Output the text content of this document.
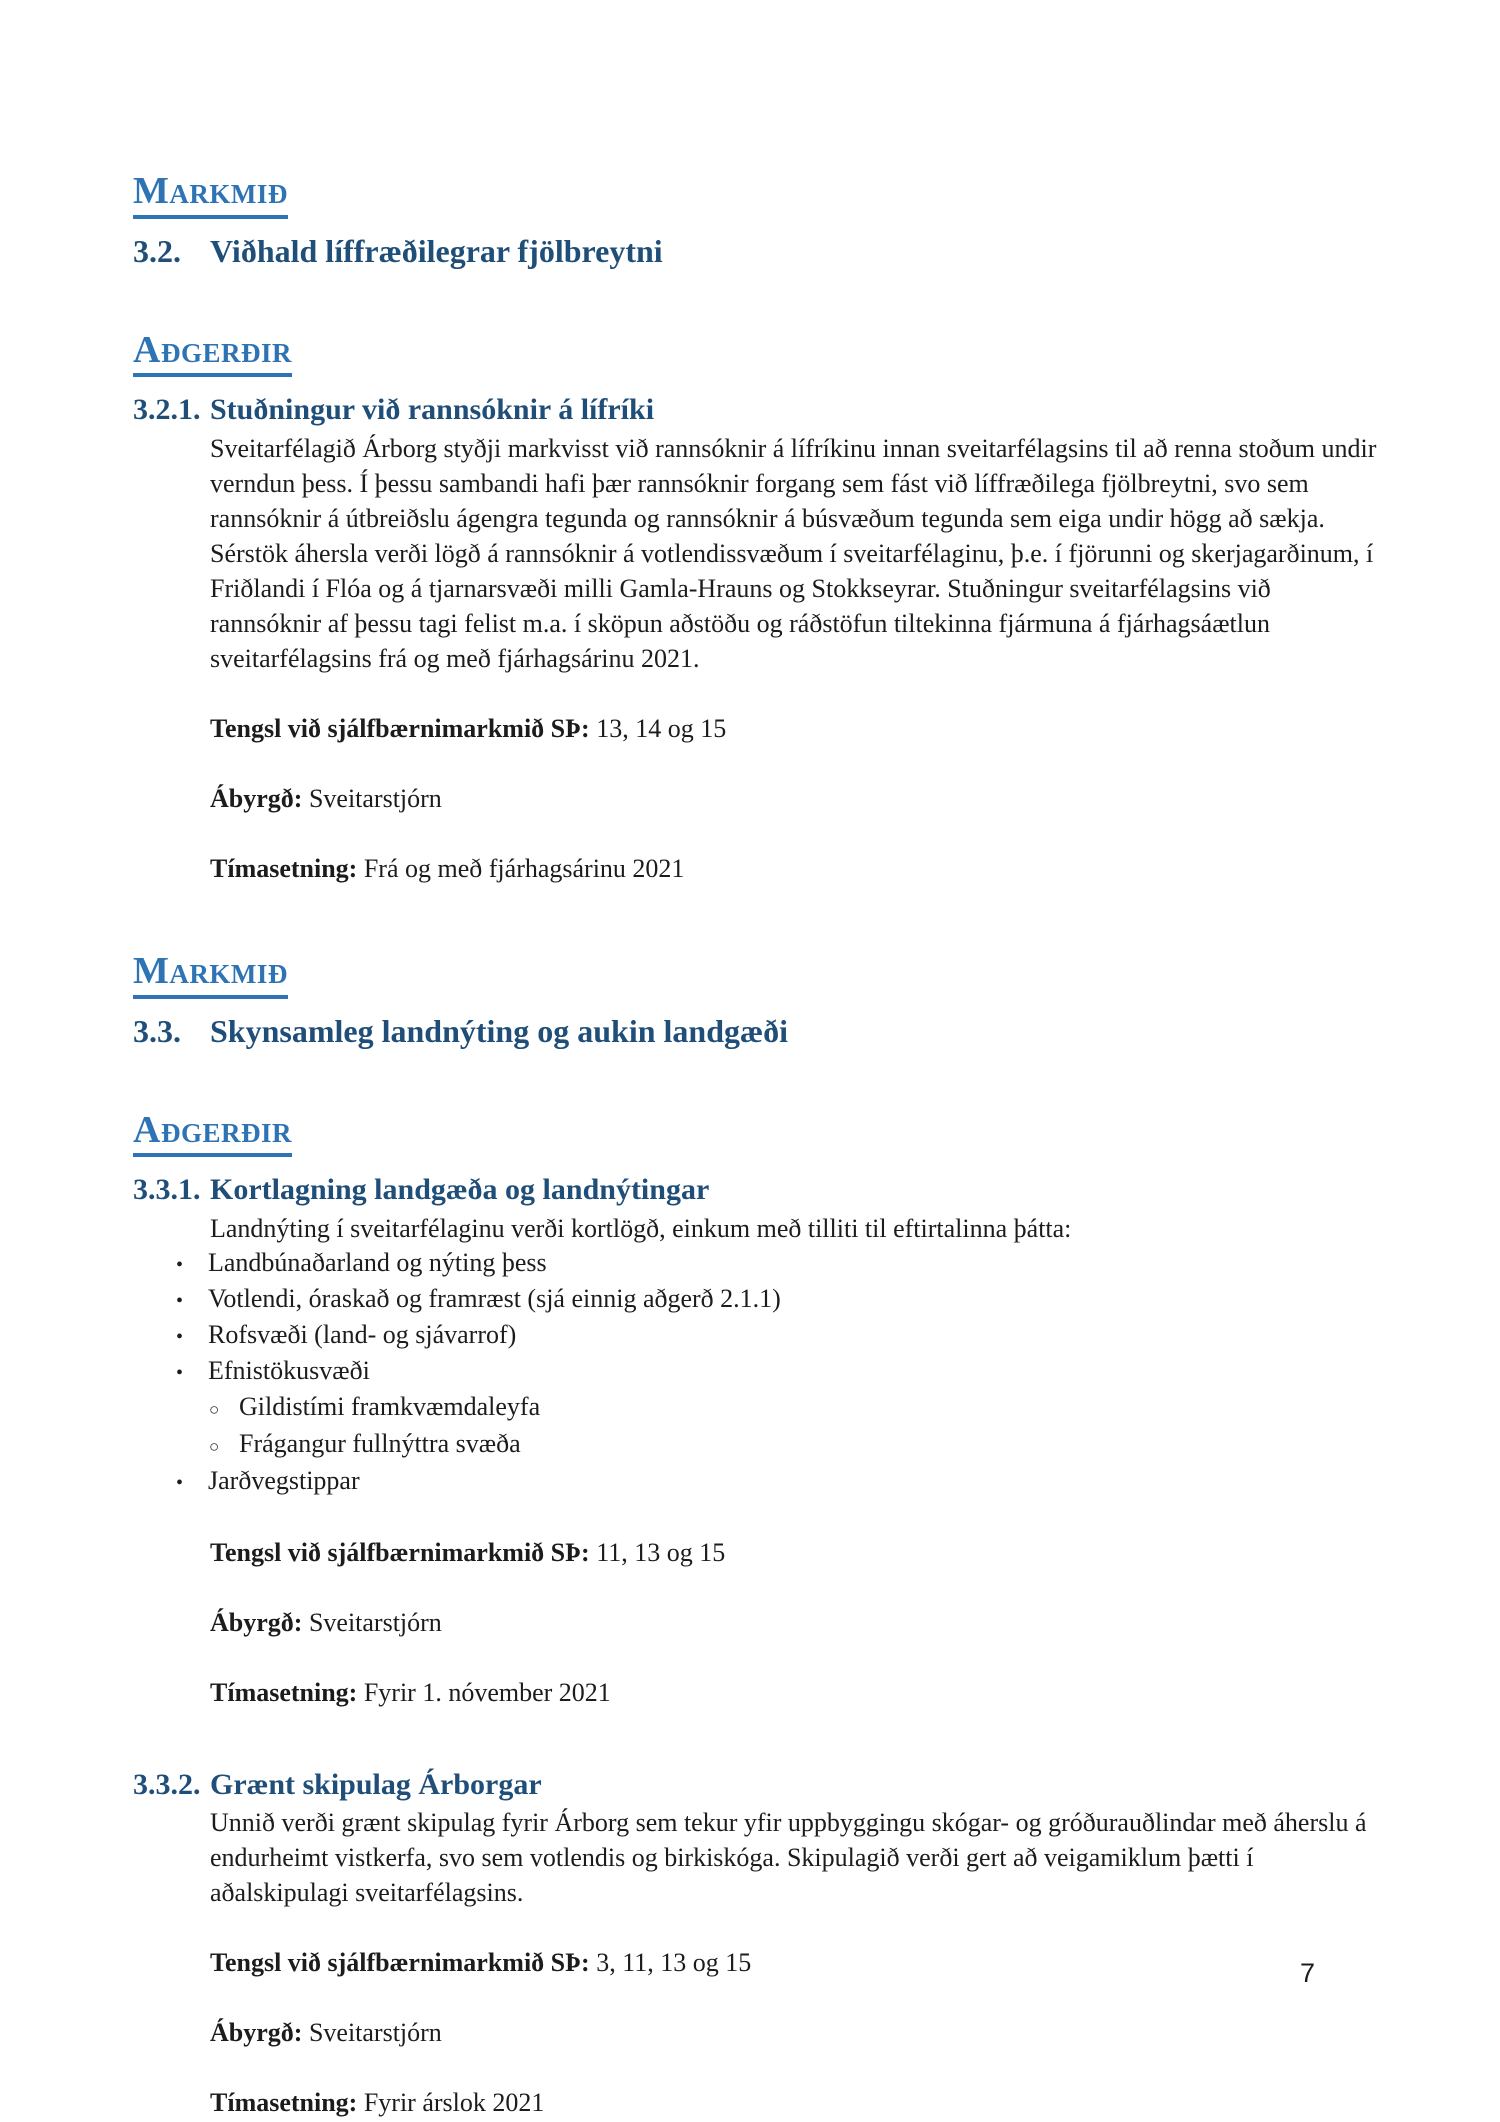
Markmið
3.2. Viðhald líffræðilegrar fjölbreytni
Aðgerðir
3.2.1. Stuðningur við rannsóknir á lífríki
Sveitarfélagið Árborg styðji markvisst við rannsóknir á lífríkinu innan sveitarfélagsins til að renna stoðum undir verndun þess. Í þessu sambandi hafi þær rannsóknir forgang sem fást við líffræðilega fjölbreytni, svo sem rannsóknir á útbreiðslu ágengra tegunda og rannsóknir á búsvæðum tegunda sem eiga undir högg að sækja. Sérstök áhersla verði lögð á rannsóknir á votlendissvæðum í sveitarfélaginu, þ.e. í fjörunni og skerjagarðinum, í Friðlandi í Flóa og á tjarnarsvæði milli Gamla-Hrauns og Stokkseyrar. Stuðningur sveitarfélagsins við rannsóknir af þessu tagi felist m.a. í sköpun aðstöðu og ráðstöfun tiltekinna fjármuna á fjárhagsáætlun sveitarfélagsins frá og með fjárhagsárinu 2021.
Tengsl við sjálfbærnimarkmið SÞ: 13, 14 og 15
Ábyrgð: Sveitarstjórn
Tímasetning: Frá og með fjárhagsárinu 2021
Markmið
3.3. Skynsamleg landnýting og aukin landgæði
Aðgerðir
3.3.1. Kortlagning landgæða og landnýtingar
Landnýting í sveitarfélaginu verði kortlögð, einkum með tilliti til eftirtalinna þátta:
• Landbúnaðarland og nýting þess
• Votlendi, óraskað og framræst (sjá einnig aðgerð 2.1.1)
• Rofsvæði (land- og sjávarrof)
• Efnistökusvæði
○ Gildistími framkvæmdaleyfa
○ Frágangur fullnýttra svæða
• Jarðvegstippar
Tengsl við sjálfbærnimarkmið SÞ: 11, 13 og 15
Ábyrgð: Sveitarstjórn
Tímasetning: Fyrir 1. nóvember 2021
3.3.2. Grænt skipulag Árborgar
Unnið verði grænt skipulag fyrir Árborg sem tekur yfir uppbyggingu skógar- og gróðurauðlindar með áherslu á endurheimt vistkerfa, svo sem votlendis og birkiskóga. Skipulagið verði gert að veigamiklum þætti í aðalskipulagi sveitarfélagsins.
Tengsl við sjálfbærnimarkmið SÞ: 3, 11, 13 og 15
Ábyrgð: Sveitarstjórn
Tímasetning: Fyrir árslok 2021
7
